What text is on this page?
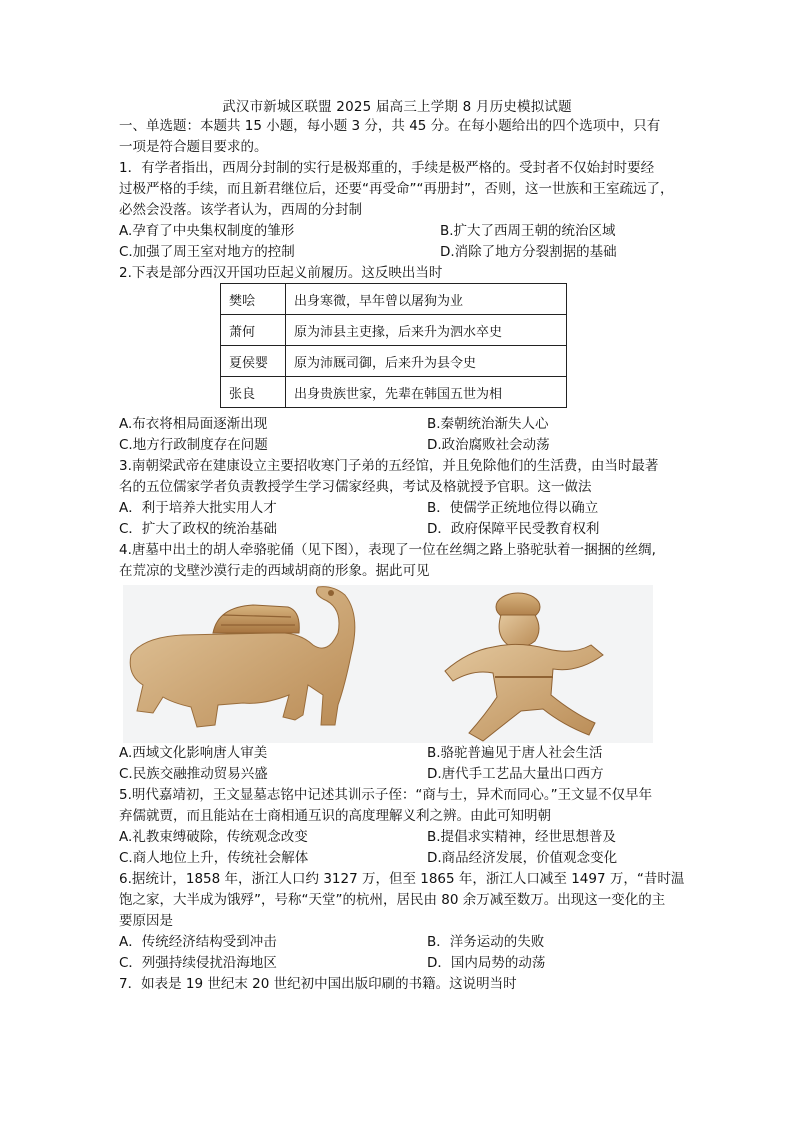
武汉市新城区联盟 2025 届高三上学期 8 月历史模拟试题
一、单选题：本题共 15 小题，每小题 3 分，共 45 分。在每小题给出的四个选项中，只有
一项是符合题目要求的。
1．有学者指出，西周分封制的实行是极郑重的，手续是极严格的。受封者不仅始封时要经
过极严格的手续，而且新君继位后，还要“再受命”“再册封”，否则，这一世族和王室疏远了，
必然会没落。该学者认为，西周的分封制
A.孕育了中央集权制度的雏形	B.扩大了西周王朝的统治区域
C.加强了周王室对地方的控制	D.消除了地方分裂割据的基础
2.下表是部分西汉开国功臣起义前履历。这反映出当时
樊哙	出身寒微，早年曾以屠狗为业
萧何	原为沛县主吏掾，后来升为泗水卒史
夏侯婴	原为沛厩司御，后来升为县令史
张良	出身贵族世家，先辈在韩国五世为相
A.布衣将相局面逐渐出现	B.秦朝统治渐失人心
C.地方行政制度存在问题	D.政治腐败社会动荡
3.南朝梁武帝在建康设立主要招收寒门子弟的五经馆，并且免除他们的生活费，由当时最著
名的五位儒家学者负责教授学生学习儒家经典，考试及格就授予官职。这一做法
A．利于培养大批实用人才	B．使儒学正统地位得以确立
C．扩大了政权的统治基础	D．政府保障平民受教育权利
4.唐墓中出土的胡人牵骆驼俑（见下图），表现了一位在丝绸之路上骆驼驮着一捆捆的丝绸,
在荒凉的戈壁沙漠行走的西域胡商的形象。据此可见
A.西域文化影响唐人审美	B.骆驼普遍见于唐人社会生活
C.民族交融推动贸易兴盛	D.唐代手工艺品大量出口西方
5.明代嘉靖初，王文显墓志铭中记述其训示子侄：“商与士，异术而同心。”王文显不仅早年
弃儒就贾，而且能站在士商相通互识的高度理解义利之辨。由此可知明朝
A.礼教束缚破除，传统观念改变	B.提倡求实精神，经世思想普及
C.商人地位上升，传统社会解体	D.商品经济发展，价值观念变化
6.据统计，1858 年，浙江人口约 3127 万，但至 1865 年，浙江人口减至 1497 万，“昔时温
饱之家，大半成为饿殍”，号称“天堂”的杭州，居民由 80 余万减至数万。出现这一变化的主
要原因是
A．传统经济结构受到冲击	B．洋务运动的失败
C．列强持续侵扰沿海地区	D．国内局势的动荡
7．如表是 19 世纪末 20 世纪初中国出版印刷的书籍。这说明当时
